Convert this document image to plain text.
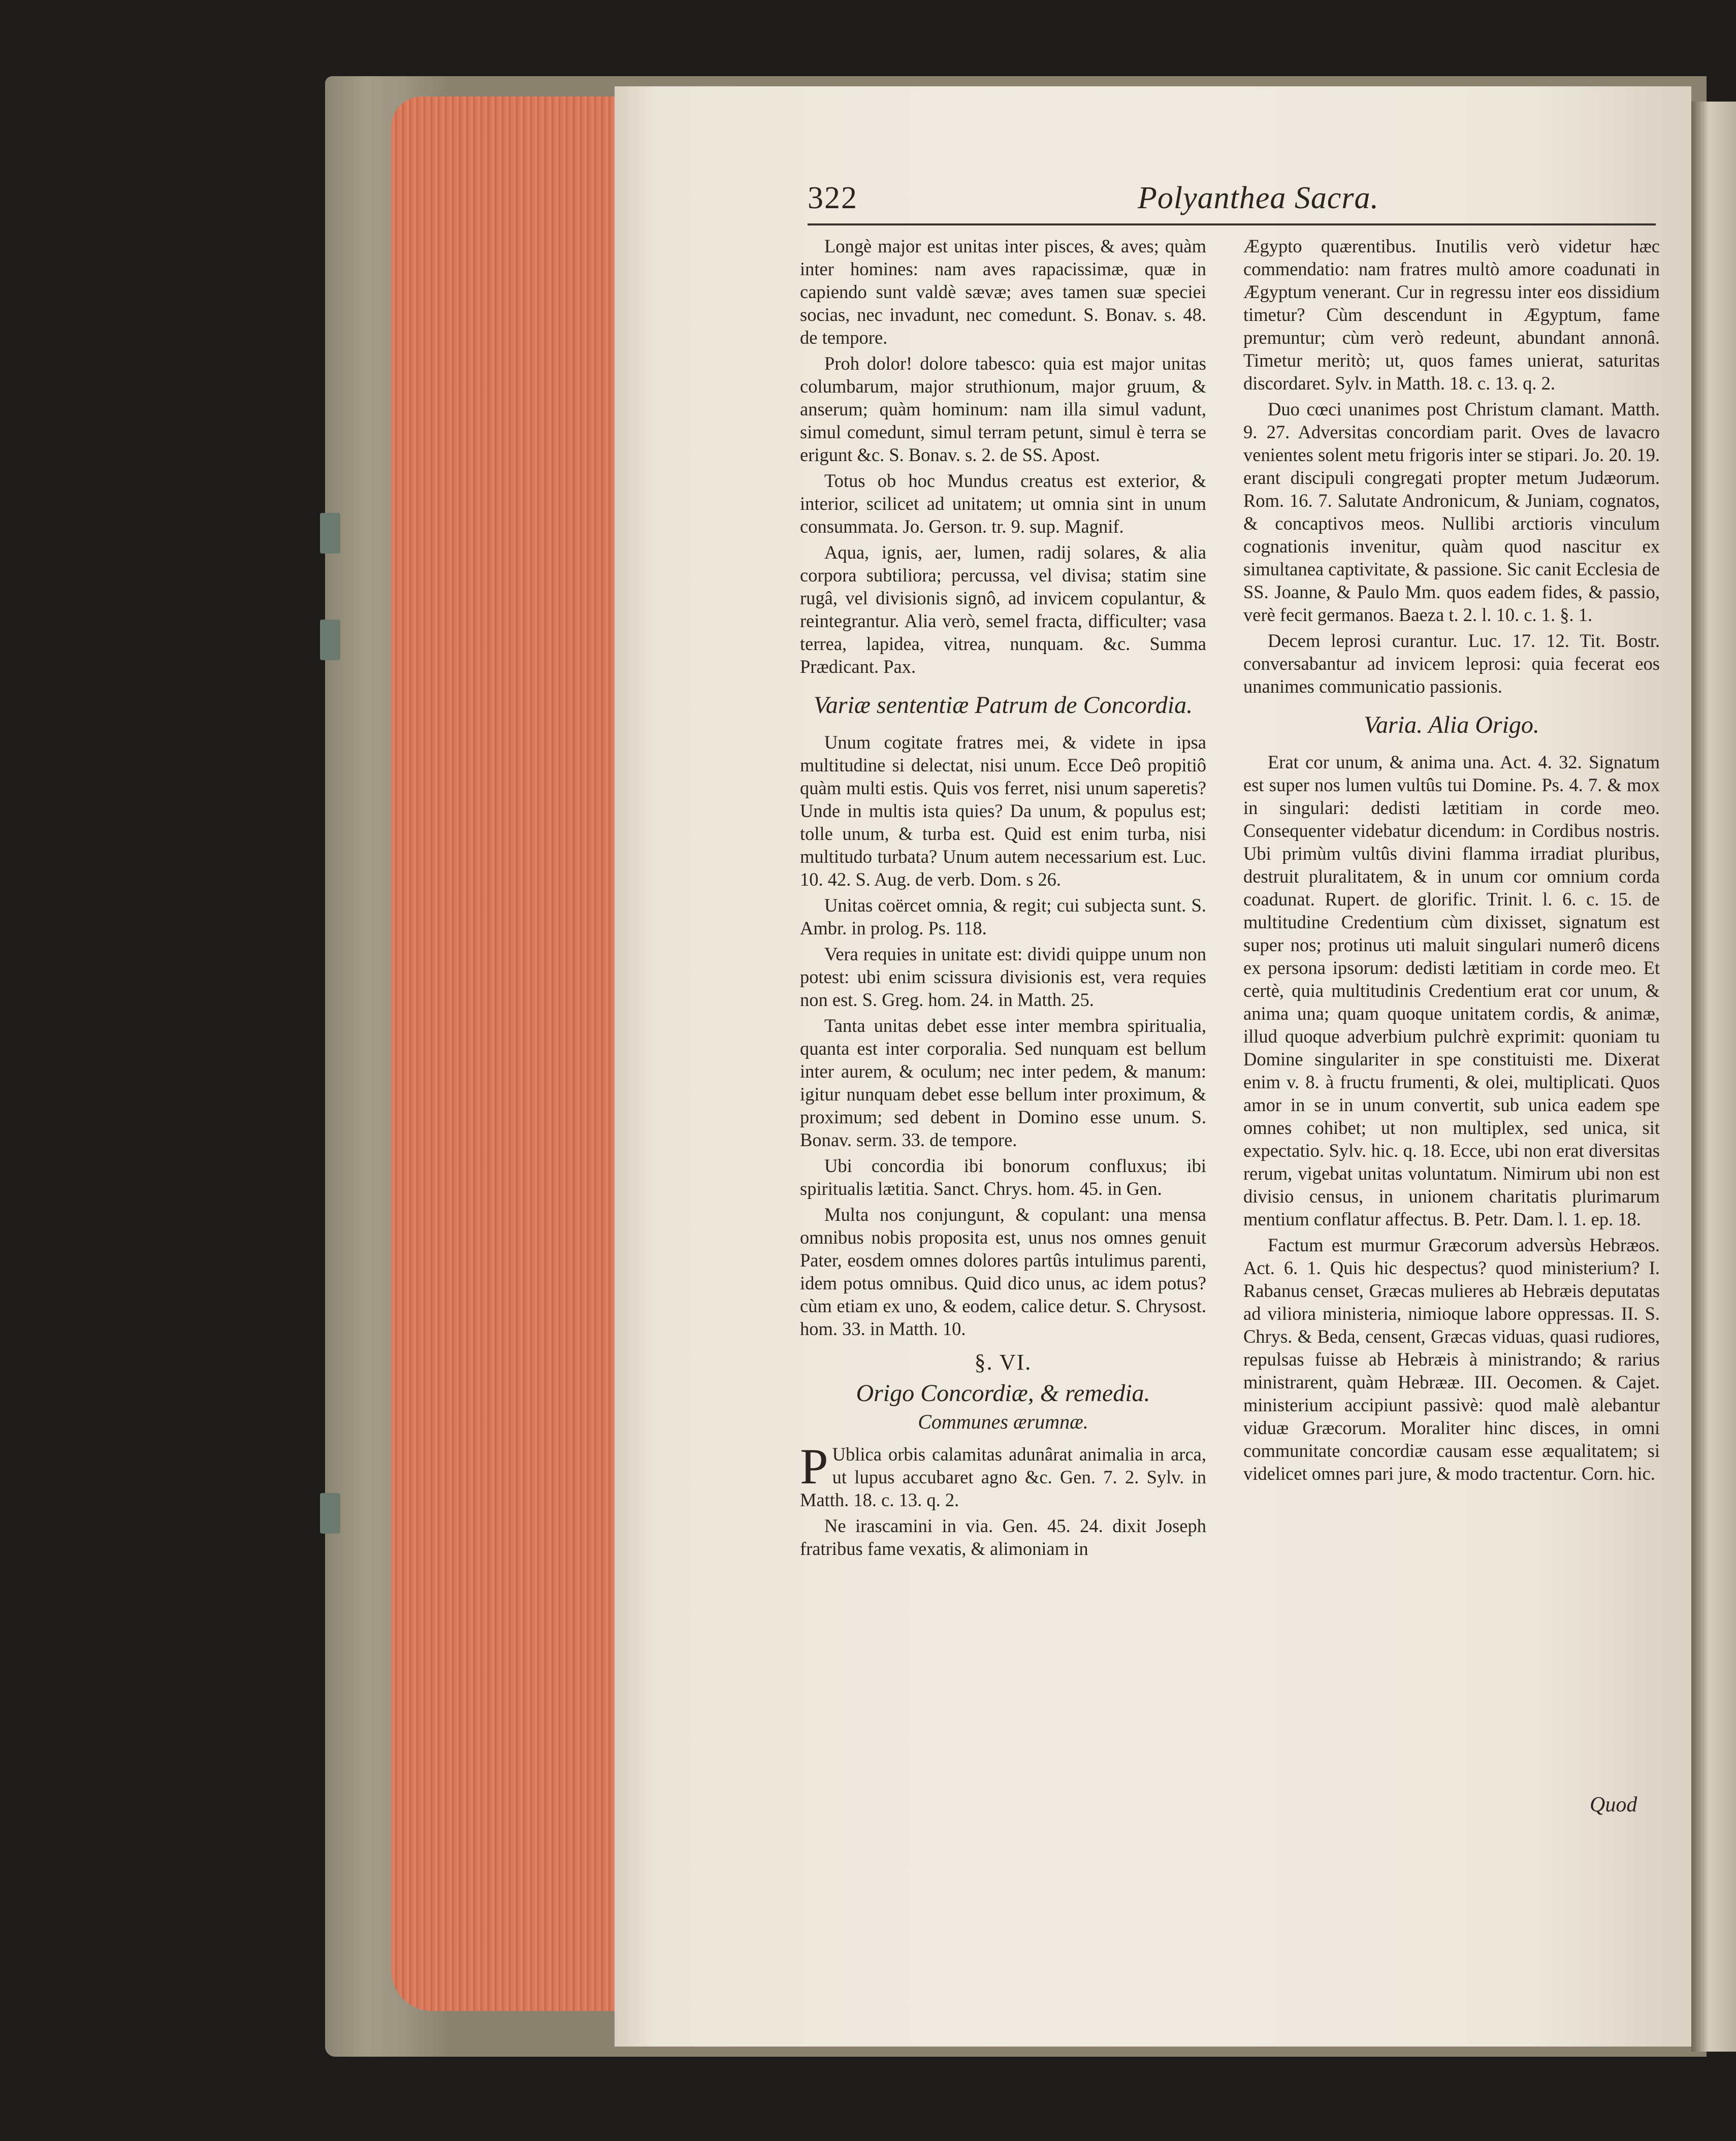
322	Polyanthea Sacra.

Longè major est unitas inter pisces, & aves; quàm inter homines: nam aves rapacissimæ, quæ in capiendo sunt valdè sævæ; aves tamen suæ speciei socias, nec invadunt, nec comedunt. S. Bonav. s. 48. de tempore.

Proh dolor! dolore tabesco: quia est major unitas columbarum, major struthionum, major gruum, & anserum; quàm hominum: nam illa simul vadunt, simul comedunt, simul terram petunt, simul è terra se erigunt &c. S. Bonav. s. 2. de SS. Apost.

Totus ob hoc Mundus creatus est exterior, & interior, scilicet ad unitatem; ut omnia sint in unum consummata. Jo. Gerson. tr. 9. sup. Magnif.

Aqua, ignis, aer, lumen, radij solares, & alia corpora subtiliora; percussa, vel divisa; statim sine rugâ, vel divisionis signô, ad invicem copulantur, & reintegrantur. Alia verò, semel fracta, difficulter; vasa terrea, lapidea, vitrea, nunquam. &c. Summa Prædicant. Pax.

Variæ sententiæ Patrum de Concordia.

Unum cogitate fratres mei, & videte in ipsa multitudine si delectat, nisi unum. Ecce Deô propitiô quàm multi estis. Quis vos ferret, nisi unum saperetis? Unde in multis ista quies? Da unum, & populus est; tolle unum, & turba est. Quid est enim turba, nisi multitudo turbata? Unum autem necessarium est. Luc. 10. 42. S. Aug. de verb. Dom. s 26.

Unitas coërcet omnia, & regit; cui subjecta sunt. S. Ambr. in prolog. Ps. 118.

Vera requies in unitate est: dividi quippe unum non potest: ubi enim scissura divisionis est, vera requies non est. S. Greg. hom. 24. in Matth. 25.

Tanta unitas debet esse inter membra spiritualia, quanta est inter corporalia. Sed nunquam est bellum inter aurem, & oculum; nec inter pedem, & manum: igitur nunquam debet esse bellum inter proximum, & proximum; sed debent in Domino esse unum. S. Bonav. serm. 33. de tempore.

Ubi concordia ibi bonorum confluxus; ibi spiritualis lætitia. Sanct. Chrys. hom. 45. in Gen.

Multa nos conjungunt, & copulant: una mensa omnibus nobis proposita est, unus nos omnes genuit Pater, eosdem omnes dolores partûs intulimus parenti, idem potus omnibus. Quid dico unus, ac idem potus? cùm etiam ex uno, & eodem, calice detur. S. Chrysost. hom. 33. in Matth. 10.

§. VI.
Origo Concordiæ, & remedia.
Communes ærumnæ.

P Ublica orbis calamitas adunârat animalia in arca, ut lupus accubaret agno &c. Gen. 7. 2. Sylv. in Matth. 18. c. 13. q. 2.

Ne irascamini in via. Gen. 45. 24. dixit Joseph fratribus fame vexatis, & alimoniam in

Ægypto quærentibus. Inutilis verò videtur hæc commendatio: nam fratres multò amore coadunati in Ægyptum venerant. Cur in regressu inter eos dissidium timetur? Cùm descendunt in Ægyptum, fame premuntur; cùm verò redeunt, abundant annonâ. Timetur meritò; ut, quos fames unierat, saturitas discordaret. Sylv. in Matth. 18. c. 13. q. 2.

Duo cœci unanimes post Christum clamant. Matth. 9. 27. Adversitas concordiam parit. Oves de lavacro venientes solent metu frigoris inter se stipari. Jo. 20. 19. erant discipuli congregati propter metum Judæorum. Rom. 16. 7. Salutate Andronicum, & Juniam, cognatos, & concaptivos meos. Nullibi arctioris vinculum cognationis invenitur, quàm quod nascitur ex simultanea captivitate, & passione. Sic canit Ecclesia de SS. Joanne, & Paulo Mm. quos eadem fides, & passio, verè fecit germanos. Baeza t. 2. l. 10. c. 1. §. 1.

Decem leprosi curantur. Luc. 17. 12. Tit. Bostr. conversabantur ad invicem leprosi: quia fecerat eos unanimes communicatio passionis.

Varia. Alia Origo.

Erat cor unum, & anima una. Act. 4. 32. Signatum est super nos lumen vultûs tui Domine. Ps. 4. 7. & mox in singulari: dedisti lætitiam in corde meo. Consequenter videbatur dicendum: in Cordibus nostris. Ubi primùm vultûs divini flamma irradiat pluribus, destruit pluralitatem, & in unum cor omnium corda coadunat. Rupert. de glorific. Trinit. l. 6. c. 15. de multitudine Credentium cùm dixisset, signatum est super nos; protinus uti maluit singulari numerô dicens ex persona ipsorum: dedisti lætitiam in corde meo. Et certè, quia multitudinis Credentium erat cor unum, & anima una; quam quoque unitatem cordis, & animæ, illud quoque adverbium pulchrè exprimit: quoniam tu Domine singulariter in spe constituisti me. Dixerat enim v. 8. à fructu frumenti, & olei, multiplicati. Quos amor in se in unum convertit, sub unica eadem spe omnes cohibet; ut non multiplex, sed unica, sit expectatio. Sylv. hic. q. 18. Ecce, ubi non erat diversitas rerum, vigebat unitas voluntatum. Nimirum ubi non est divisio census, in unionem charitatis plurimarum mentium conflatur affectus. B. Petr. Dam. l. 1. ep. 18.

Factum est murmur Græcorum adversùs Hebræos. Act. 6. 1. Quis hic despectus? quod ministerium? I. Rabanus censet, Græcas mulieres ab Hebræis deputatas ad viliora ministeria, nimioque labore oppressas. II. S. Chrys. & Beda, censent, Græcas viduas, quasi rudiores, repulsas fuisse ab Hebræis à ministrando; & rarius ministrarent, quàm Hebrææ. III. Oecomen. & Cajet. ministerium accipiunt passivè: quod malè alebantur viduæ Græcorum. Moraliter hinc disces, in omni communitate concordiæ causam esse æqualitatem; si videlicet omnes pari jure, & modo tractentur. Corn. hic.

Quod
